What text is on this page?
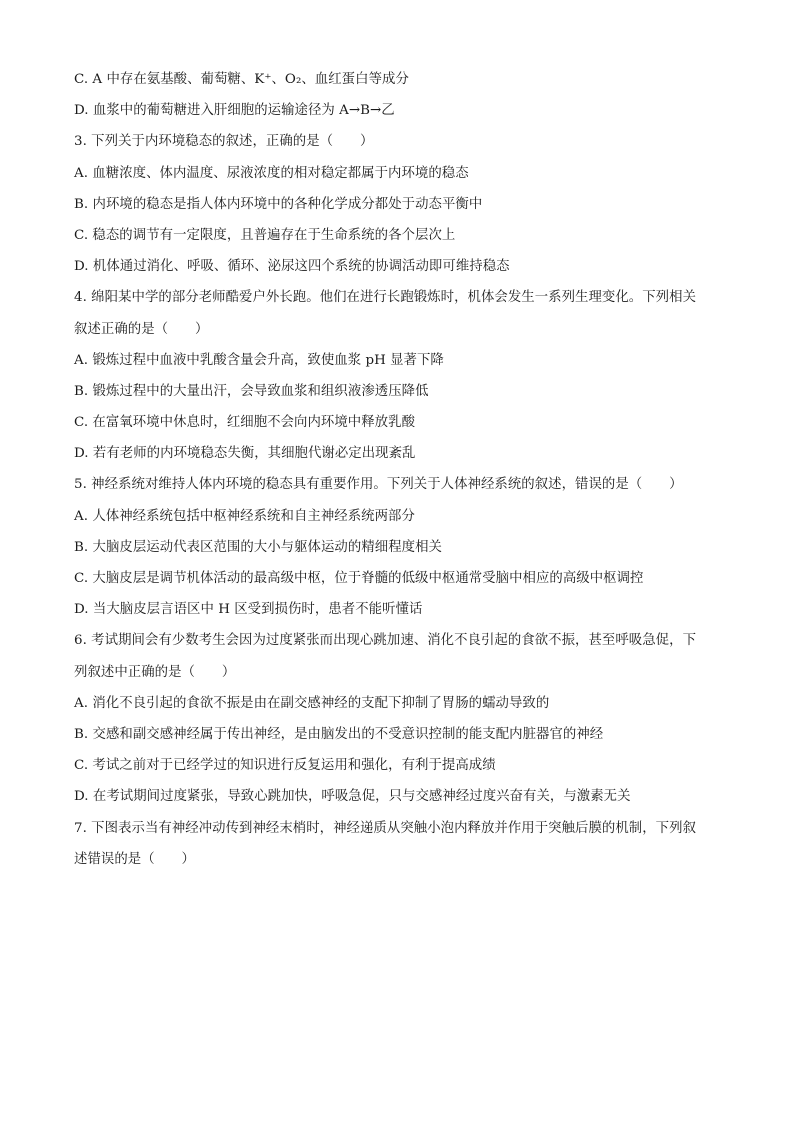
C. A 中存在氨基酸、葡萄糖、K⁺、O₂、血红蛋白等成分
D. 血浆中的葡萄糖进入肝细胞的运输途径为 A→B→乙
3. 下列关于内环境稳态的叙述，正确的是（　　）
A. 血糖浓度、体内温度、尿液浓度的相对稳定都属于内环境的稳态
B. 内环境的稳态是指人体内环境中的各种化学成分都处于动态平衡中
C. 稳态的调节有一定限度，且普遍存在于生命系统的各个层次上
D. 机体通过消化、呼吸、循环、泌尿这四个系统的协调活动即可维持稳态
4. 绵阳某中学的部分老师酷爱户外长跑。他们在进行长跑锻炼时，机体会发生一系列生理变化。下列相关
叙述正确的是（　　）
A. 锻炼过程中血液中乳酸含量会升高，致使血浆 pH 显著下降
B. 锻炼过程中的大量出汗，会导致血浆和组织液渗透压降低
C. 在富氧环境中休息时，红细胞不会向内环境中释放乳酸
D. 若有老师的内环境稳态失衡，其细胞代谢必定出现紊乱
5. 神经系统对维持人体内环境的稳态具有重要作用。下列关于人体神经系统的叙述，错误的是（　　）
A. 人体神经系统包括中枢神经系统和自主神经系统两部分
B. 大脑皮层运动代表区范围的大小与躯体运动的精细程度相关
C. 大脑皮层是调节机体活动的最高级中枢，位于脊髓的低级中枢通常受脑中相应的高级中枢调控
D. 当大脑皮层言语区中 H 区受到损伤时，患者不能听懂话
6. 考试期间会有少数考生会因为过度紧张而出现心跳加速、消化不良引起的食欲不振，甚至呼吸急促，下
列叙述中正确的是（　　）
A. 消化不良引起的食欲不振是由在副交感神经的支配下抑制了胃肠的蠕动导致的
B. 交感和副交感神经属于传出神经，是由脑发出的不受意识控制的能支配内脏器官的神经
C. 考试之前对于已经学过的知识进行反复运用和强化，有利于提高成绩
D. 在考试期间过度紧张，导致心跳加快，呼吸急促，只与交感神经过度兴奋有关，与激素无关
7. 下图表示当有神经冲动传到神经末梢时，神经递质从突触小泡内释放并作用于突触后膜的机制，下列叙
述错误的是（　　）
